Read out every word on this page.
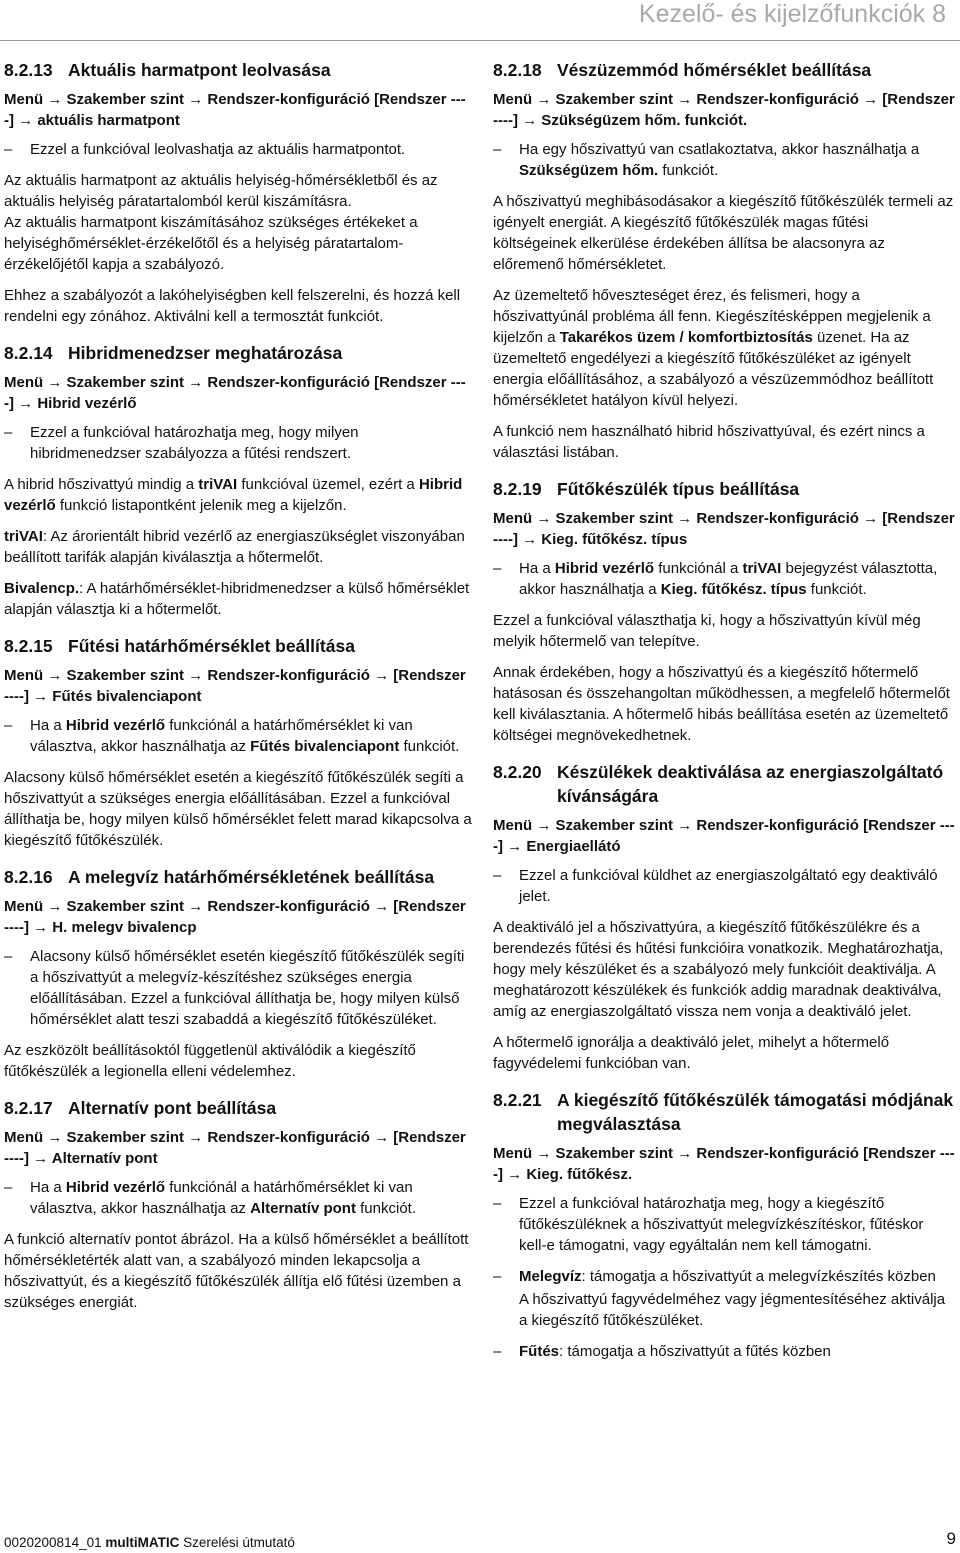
Kezelő- és kijelzőfunkciók 8
8.2.13 Aktuális harmatpont leolvasása
Menü → Szakember szint → Rendszer-konfiguráció [Rendszer ----] → aktuális harmatpont
–	Ezzel a funkcióval leolvashatja az aktuális harmatpontot.
Az aktuális harmatpont az aktuális helyiség-hőmérsékletből és az aktuális helyiség páratartalomból kerül kiszámításra.
Az aktuális harmatpont kiszámításához szükséges értékeket a helyiséghőmérséklet-érzékelőtől és a helyiség páratartalom-érzékelőjétől kapja a szabályozó.
Ehhez a szabályozót a lakóhelyiségben kell felszerelni, és hozzá kell rendelni egy zónához. Aktiválni kell a termosztát funkciót.
8.2.14 Hibridmenedzser meghatározása
Menü → Szakember szint → Rendszer-konfiguráció [Rendszer ----] → Hibrid vezérlő
–	Ezzel a funkcióval határozhatja meg, hogy milyen hibridmenedzser szabályozza a fűtési rendszert.
A hibrid hőszivattyú mindig a triVAI funkcióval üzemel, ezért a Hibrid vezérlő funkció listapontként jelenik meg a kijelzőn.
triVAI: Az árorientált hibrid vezérlő az energiaszükséglet viszonyában beállított tarifák alapján kiválasztja a hőtermelőt.
Bivalencp.: A határhőmérséklet-hibridmenedzser a külső hőmérséklet alapján választja ki a hőtermelőt.
8.2.15 Fűtési határhőmérséklet beállítása
Menü → Szakember szint → Rendszer-konfiguráció → [Rendszer ----] → Fűtés bivalenciapont
–	Ha a Hibrid vezérlő funkciónál a határhőmérséklet ki van választva, akkor használhatja az Fűtés bivalenciapont funkciót.
Alacsony külső hőmérséklet esetén a kiegészítő fűtőkészülék segíti a hőszivattyút a szükséges energia előállításában. Ezzel a funkcióval állíthatja be, hogy milyen külső hőmérséklet felett marad kikapcsolva a kiegészítő fűtőkészülék.
8.2.16 A melegvíz határhőmérsékletének beállítása
Menü → Szakember szint → Rendszer-konfiguráció → [Rendszer ----] → H. melegv bivalencp
–	Alacsony külső hőmérséklet esetén kiegészítő fűtőkészülék segíti a hőszivattyút a melegvíz-készítéshez szükséges energia előállításában. Ezzel a funkcióval állíthatja be, hogy milyen külső hőmérséklet alatt teszi szabaddá a kiegészítő fűtőkészüléket.
Az eszközölt beállításoktól függetlenül aktiválódik a kiegészítő fűtőkészülék a legionella elleni védelemhez.
8.2.17 Alternatív pont beállítása
Menü → Szakember szint → Rendszer-konfiguráció → [Rendszer ----] → Alternatív pont
–	Ha a Hibrid vezérlő funkciónál a határhőmérséklet ki van választva, akkor használhatja az Alternatív pont funkciót.
A funkció alternatív pontot ábrázol. Ha a külső hőmérséklet a beállított hőmérsékletérték alatt van, a szabályozó minden lekapcsolja a hőszivattyút, és a kiegészítő fűtőkészülék állítja elő fűtési üzemben a szükséges energiát.
8.2.18 Vészüzemmód hőmérséklet beállítása
Menü → Szakember szint → Rendszer-konfiguráció → [Rendszer ----] → Szükségüzem hőm. funkciót.
–	Ha egy hőszivattyú van csatlakoztatva, akkor használhatja a Szükségüzem hőm. funkciót.
A hőszivattyú meghibásodásakor a kiegészítő fűtőkészülék termeli az igényelt energiát. A kiegészítő fűtőkészülék magas fűtési költségeinek elkerülése érdekében állítsa be alacsonyra az előremenő hőmérsékletet.
Az üzemeltető hőveszteséget érez, és felismeri, hogy a hőszivattyúnál probléma áll fenn. Kiegészítésképpen megjelenik a kijelzőn a Takarékos üzem / komfortbiztosítás üzenet. Ha az üzemeltető engedélyezi a kiegészítő fűtőkészüléket az igényelt energia előállításához, a szabályozó a vészüzemmódhoz beállított hőmérsékletet hatályon kívül helyezi.
A funkció nem használható hibrid hőszivattyúval, és ezért nincs a választási listában.
8.2.19 Fűtőkészülék típus beállítása
Menü → Szakember szint → Rendszer-konfiguráció → [Rendszer ----] → Kieg. fűtőkész. típus
–	Ha a Hibrid vezérlő funkciónál a triVAI bejegyzést választotta, akkor használhatja a Kieg. fűtőkész. típus funkciót.
Ezzel a funkcióval választhatja ki, hogy a hőszivattyún kívül még melyik hőtermelő van telepítve.
Annak érdekében, hogy a hőszivattyú és a kiegészítő hőtermelő hatásosan és összehangoltan működhessen, a megfelelő hőtermelőt kell kiválasztania. A hőtermelő hibás beállítása esetén az üzemeltető költségei megnövekedhetnek.
8.2.20 Készülékek deaktiválása az energiaszolgáltató kívánságára
Menü → Szakember szint → Rendszer-konfiguráció [Rendszer ----] → Energiaellátó
–	Ezzel a funkcióval küldhet az energiaszolgáltató egy deaktiváló jelet.
A deaktiváló jel a hőszivattyúra, a kiegészítő fűtőkészülékre és a berendezés fűtési és hűtési funkcióira vonatkozik. Meghatározhatja, hogy mely készüléket és a szabályozó mely funkcióit deaktiválja. A meghatározott készülékek és funkciók addig maradnak deaktiválva, amíg az energiaszolgáltató vissza nem vonja a deaktiváló jelet.
A hőtermelő ignorálja a deaktiváló jelet, mihelyt a hőtermelő fagyvédelemi funkcióban van.
8.2.21 A kiegészítő fűtőkészülék támogatási módjának megválasztása
Menü → Szakember szint → Rendszer-konfiguráció [Rendszer ----] → Kieg. fűtőkész.
–	Ezzel a funkcióval határozhatja meg, hogy a kiegészítő fűtőkészüléknek a hőszivattyút melegvízkészítéskor, fűtéskor kell-e támogatni, vagy egyáltalán nem kell támogatni.
–	Melegvíz: támogatja a hőszivattyút a melegvízkészítés közben
A hőszivattyú fagyvédelméhez vagy jégmentesítéséhez aktiválja a kiegészítő fűtőkészüléket.
–	Fűtés: támogatja a hőszivattyút a fűtés közben
0020200814_01 multiMATIC Szerelési útmutató	9
